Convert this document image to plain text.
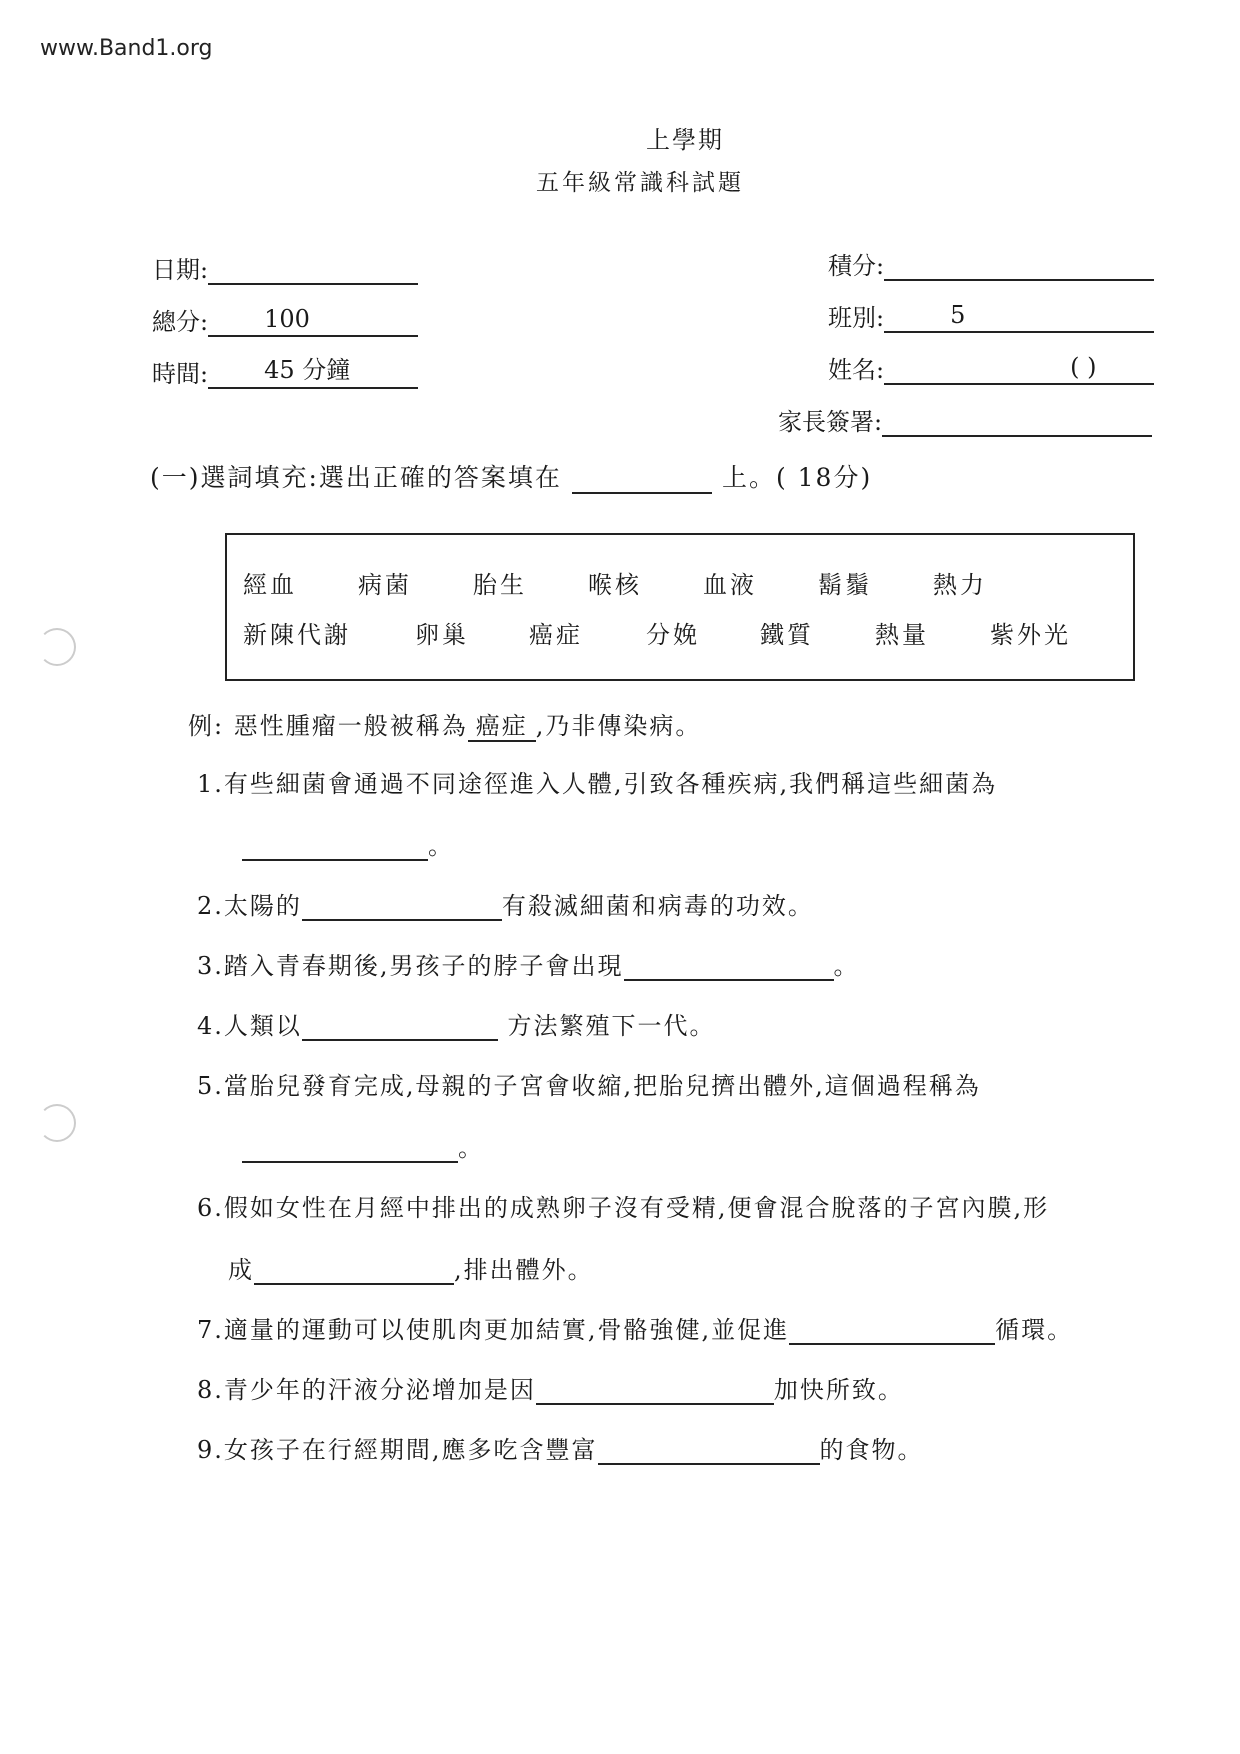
www.Band1.org
上學期
五年級常識科試題
日期:
總分: 100
時間: 45 分鐘
積分:
班別:	5
姓名:	( )
家長簽署:
(一)選詞填充:選出正確的答案填在	上。( 18分)
經血	病菌	胎生	喉核	血液	鬍鬚	熱力
新陳代謝	卵巢	癌症	分娩	鐵質	熱量	紫外光
例: 惡性腫瘤一般被稱為 癌症 ,乃非傳染病。
1.有些細菌會通過不同途徑進入人體,引致各種疾病,我們稱這些細菌為
。
2.太陽的	有殺滅細菌和病毒的功效。
3.踏入青春期後,男孩子的脖子會出現	。
4.人類以	方法繁殖下一代。
5.當胎兒發育完成,母親的子宮會收縮,把胎兒擠出體外,這個過程稱為
。
6.假如女性在月經中排出的成熟卵子沒有受精,便會混合脫落的子宮內膜,形
成	,排出體外。
7.適量的運動可以使肌肉更加結實,骨骼強健,並促進	循環。
8.青少年的汗液分泌增加是因	加快所致。
9.女孩子在行經期間,應多吃含豐富	的食物。
